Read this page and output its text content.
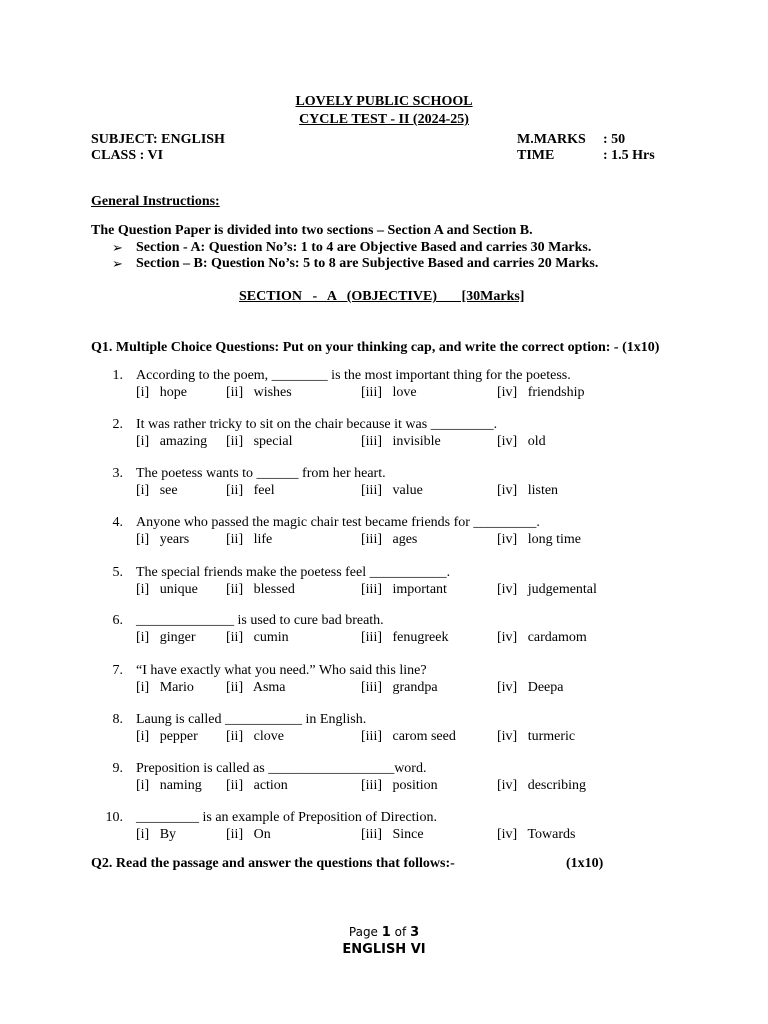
LOVELY PUBLIC SCHOOL
CYCLE TEST - II (2024-25)
SUBJECT: ENGLISH
CLASS : VI
M.MARKS : 50
TIME	: 1.5 Hrs
General Instructions:
The Question Paper is divided into two sections – Section A and Section B.
➢ Section - A: Question No’s: 1 to 4 are Objective Based and carries 30 Marks.
➢ Section – B: Question No’s: 5 to 8 are Subjective Based and carries 20 Marks.
SECTION   -   A   (OBJECTIVE)       [30Marks]
Q1. Multiple Choice Questions: Put on your thinking cap, and write the correct option: - (1x10)
1. According to the poem, ________ is the most important thing for the poetess.
[i]   hope	[ii]   wishes	[iii]   love	[iv]   friendship
2. It was rather tricky to sit on the chair because it was _________.
[i]   amazing [ii]   special	[iii]   invisible	[iv]   old
3. The poetess wants to ______ from her heart.
[i]   see	[ii]   feel	[iii]   value	[iv]   listen
4. Anyone who passed the magic chair test became friends for _________.
[i]   years	[ii]   life	[iii]   ages	[iv]   long time
5. The special friends make the poetess feel ___________.
[i]   unique [ii]   blessed	[iii]   important	[iv]   judgemental
6. ______________ is used to cure bad breath.
[i]   ginger [ii]   cumin	[iii]   fenugreek	[iv]   cardamom
7. “I have exactly what you need.” Who said this line?
[i]   Mario [ii]   Asma	[iii]   grandpa	[iv]   Deepa
8. Laung is called ___________ in English.
[i]   pepper [ii]   clove	[iii]   carom seed	[iv]   turmeric
9. Preposition is called as __________________word.
[i]   naming [ii]   action	[iii]   position	[iv]   describing
10. _________ is an example of Preposition of Direction.
[i]   By	[ii]   On	[iii]   Since	[iv]   Towards
Q2. Read the passage and answer the questions that follows:-	(1x10)
Page 1 of 3
ENGLISH VI
